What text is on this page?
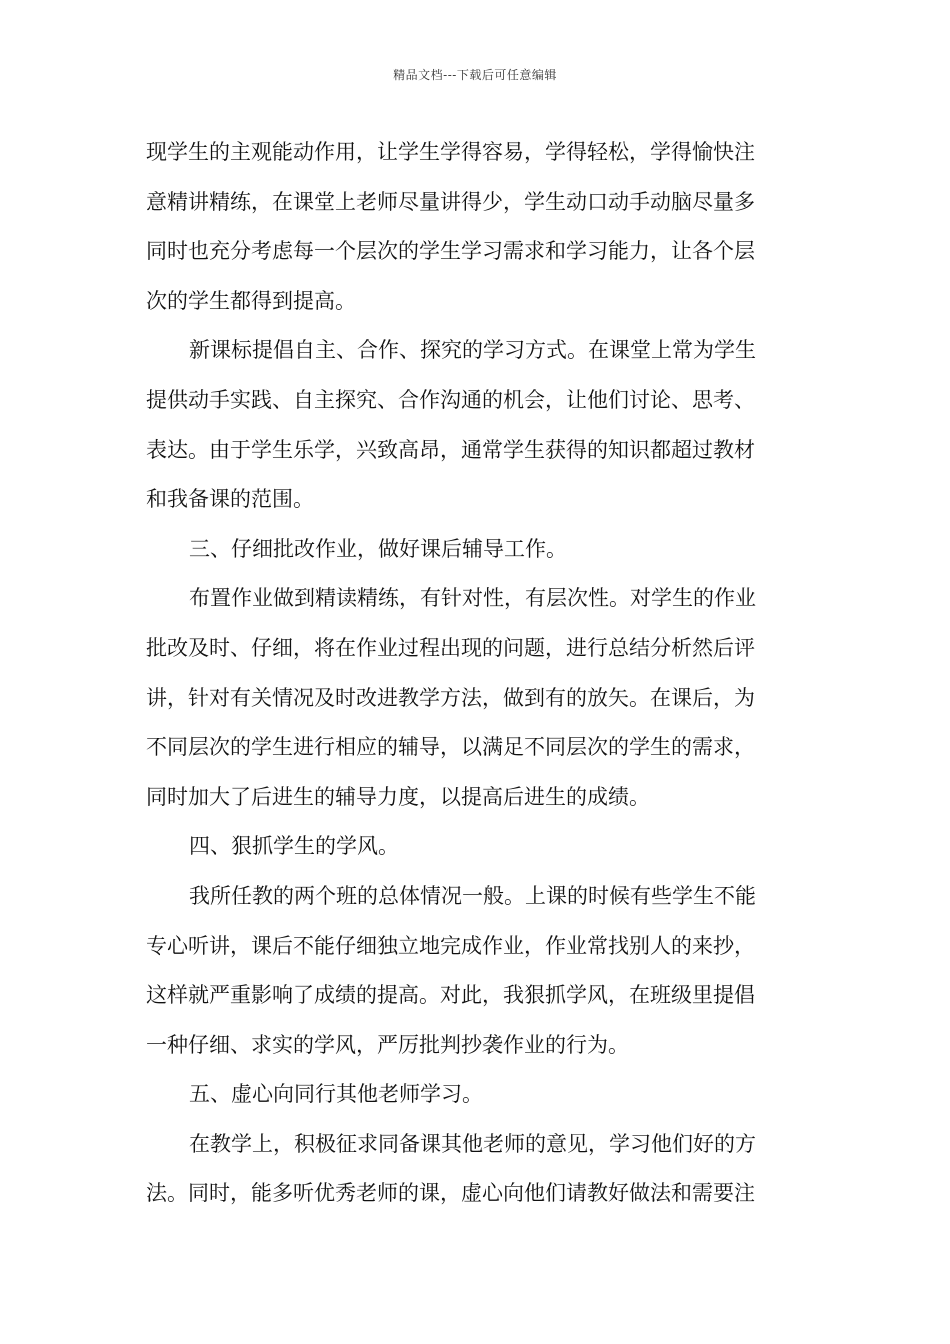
精品文档---下载后可任意编辑
现学生的主观能动作用，让学生学得容易，学得轻松，学得愉快注
意精讲精练，在课堂上老师尽量讲得少，学生动口动手动脑尽量多
同时也充分考虑每一个层次的学生学习需求和学习能力，让各个层
次的学生都得到提高。
新课标提倡自主、合作、探究的学习方式。在课堂上常为学生
提供动手实践、自主探究、合作沟通的机会，让他们讨论、思考、
表达。由于学生乐学，兴致高昂，通常学生获得的知识都超过教材
和我备课的范围。
三、仔细批改作业，做好课后辅导工作。
布置作业做到精读精练，有针对性，有层次性。对学生的作业
批改及时、仔细，将在作业过程出现的问题，进行总结分析然后评
讲，针对有关情况及时改进教学方法，做到有的放矢。在课后，为
不同层次的学生进行相应的辅导，以满足不同层次的学生的需求，
同时加大了后进生的辅导力度，以提高后进生的成绩。
四、狠抓学生的学风。
我所任教的两个班的总体情况一般。上课的时候有些学生不能
专心听讲，课后不能仔细独立地完成作业，作业常找别人的来抄，
这样就严重影响了成绩的提高。对此，我狠抓学风，在班级里提倡
一种仔细、求实的学风，严厉批判抄袭作业的行为。
五、虚心向同行其他老师学习。
在教学上，积极征求同备课其他老师的意见，学习他们好的方
法。同时，能多听优秀老师的课，虚心向他们请教好做法和需要注
